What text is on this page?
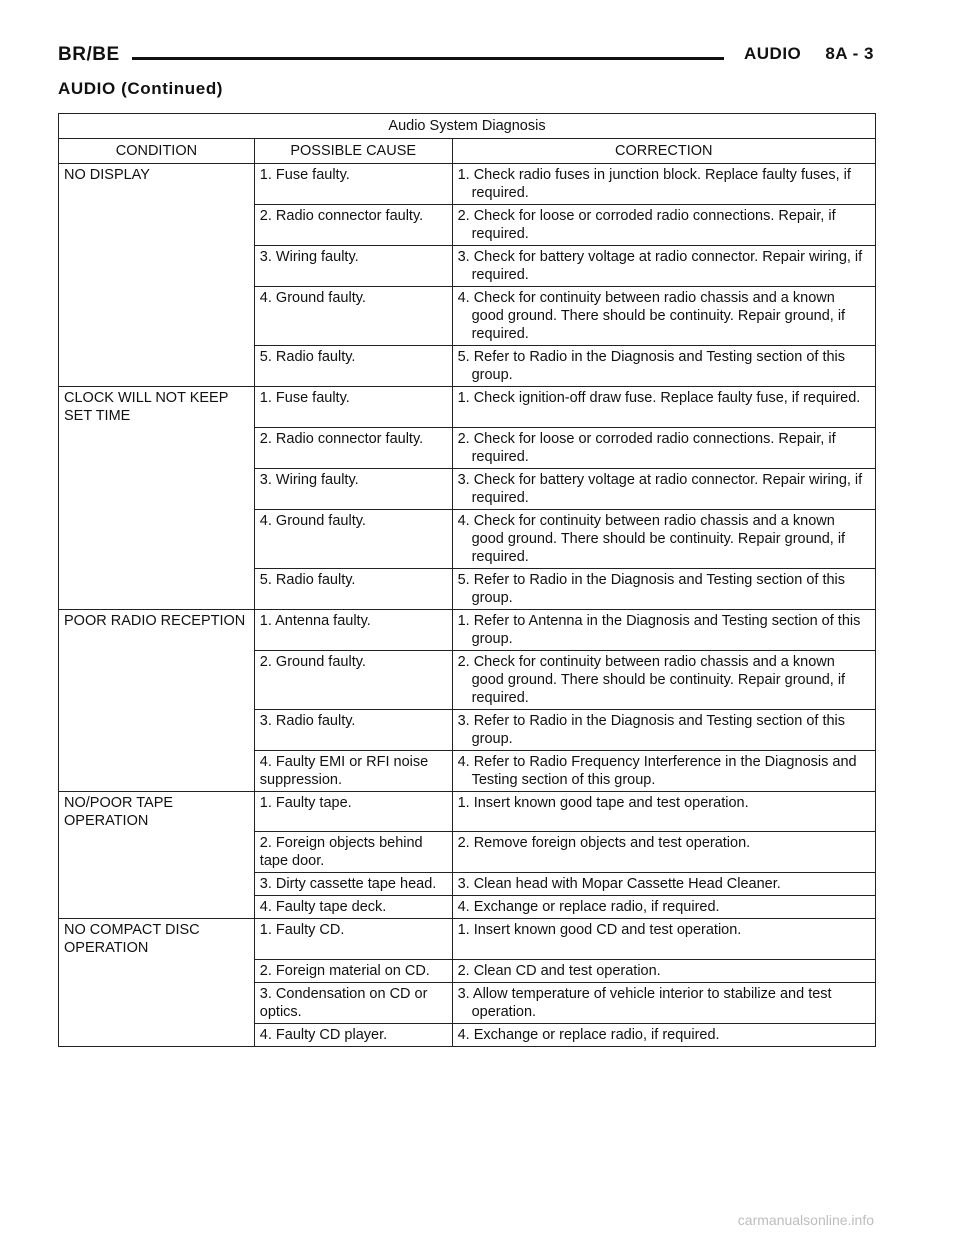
BR/BE	AUDIO 8A - 3
AUDIO (Continued)
Audio System Diagnosis		
CONDITION	POSSIBLE CAUSE	CORRECTION
NO DISPLAY	1. Fuse faulty.	1. Check radio fuses in junction block. Replace faulty fuses, if required.

	2. Radio connector faulty.	2. Check for loose or corroded radio connections. Repair, if required.

	3. Wiring faulty.	3. Check for battery voltage at radio connector. Repair wiring, if required.

	4. Ground faulty.	4. Check for continuity between radio chassis and a known good ground. There should be continuity. Repair ground, if required.

	5. Radio faulty.	5. Refer to Radio in the Diagnosis and Testing section of this group.

CLOCK WILL NOT KEEP SET TIME	1. Fuse faulty.	1. Check ignition-off draw fuse. Replace faulty fuse, if required.

	2. Radio connector faulty.	2. Check for loose or corroded radio connections. Repair, if required.

	3. Wiring faulty.	3. Check for battery voltage at radio connector. Repair wiring, if required.

	4. Ground faulty.	4. Check for continuity between radio chassis and a known good ground. There should be continuity. Repair ground, if required.

	5. Radio faulty.	5. Refer to Radio in the Diagnosis and Testing section of this group.

POOR RADIO RECEPTION	1. Antenna faulty.	1. Refer to Antenna in the Diagnosis and Testing section of this group.

	2. Ground faulty.	2. Check for continuity between radio chassis and a known good ground. There should be continuity. Repair ground, if required.

	3. Radio faulty.	3. Refer to Radio in the Diagnosis and Testing section of this group.

	4. Faulty EMI or RFI noise suppression.	4. Refer to Radio Frequency Interference in the Diagnosis and Testing section of this group.

NO/POOR TAPE OPERATION	1. Faulty tape.	1. Insert known good tape and test operation.

	2. Foreign objects behind tape door.	2. Remove foreign objects and test operation.

	3. Dirty cassette tape head.	3. Clean head with Mopar Cassette Head Cleaner.

	4. Faulty tape deck.	4. Exchange or replace radio, if required.

NO COMPACT DISC OPERATION	1. Faulty CD.	1. Insert known good CD and test operation.

	2. Foreign material on CD.	2. Clean CD and test operation.

	3. Condensation on CD or optics.	3. Allow temperature of vehicle interior to stabilize and test operation.

	4. Faulty CD player.	4. Exchange or replace radio, if required.
carmanualsonline.info
